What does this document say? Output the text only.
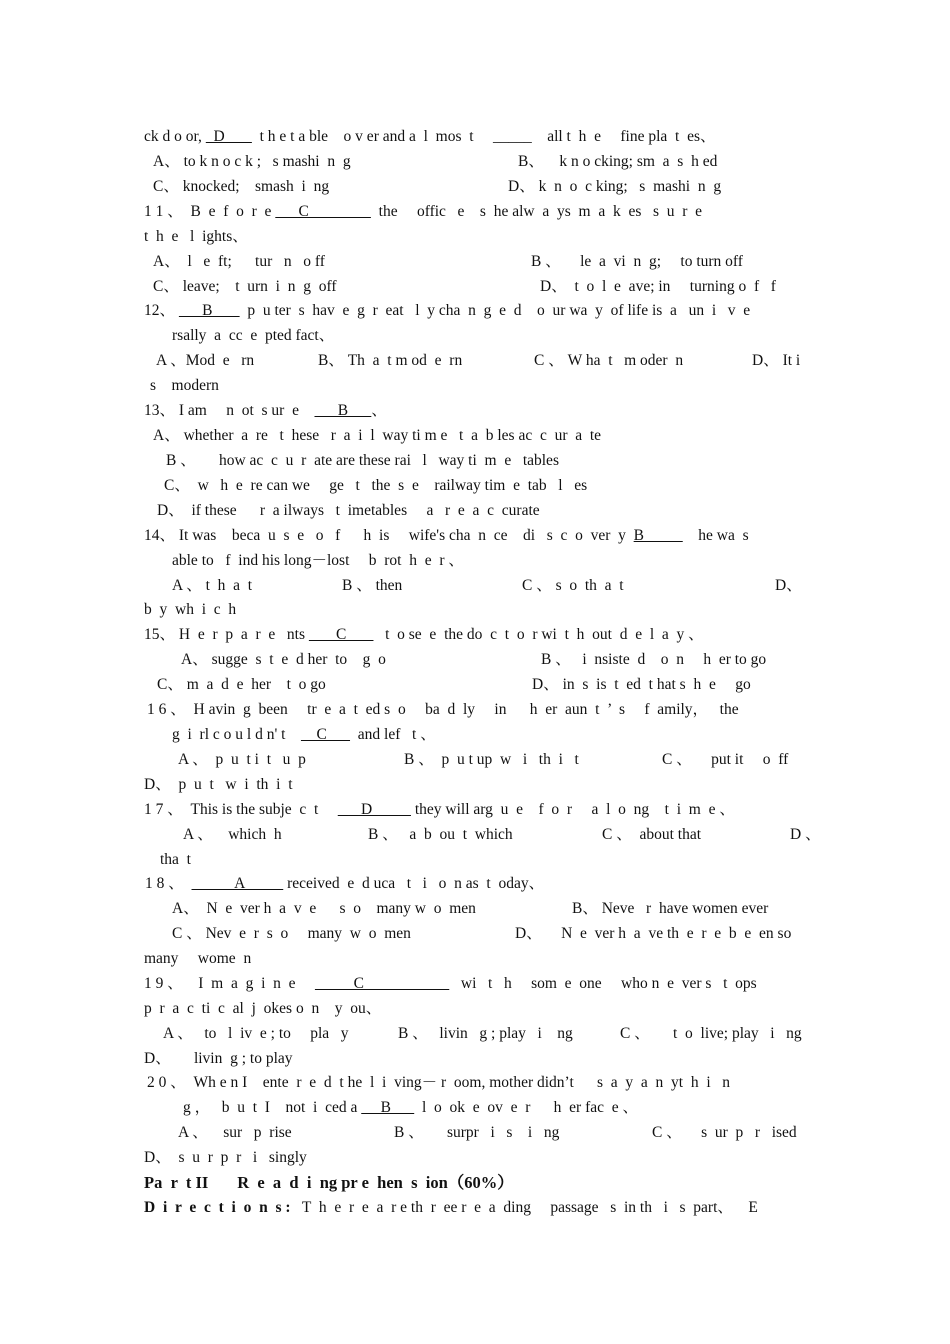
ck d o or,   D         t h e t a ble    o v er and a  l  mos  t     _____    all t  h  e     fine pla  t  es、
A、 to k n o c k ;   s mashi  n  g	B、    k n o cking; sm  a  s  h ed
C、 knocked;    smash  i  ng	D、 k  n  o  c king;   s  mashi  n  g
1 1 、  B  e  f  o  r  e       C                  the     offic   e    s  he alw  a  ys  m  a  k  es   s  u  r  e
t  h  e   l  ights、
A、  l   e  ft;      tur   n   o ff	B 、     le  a  vi  n  g;     to turn off
C、 leave;    t  urn  i  n  g  off	D、  t  o  l  e  ave; in     turning o  f   f
12、       B         p  u ter  s  hav  e  g  r  eat   l  y cha  n  g  e  d    o  ur wa  y  of life is  a   un  i   v  e
rsally  a  cc  e  pted fact、
A 、Mod  e   rn	B、 Th  a  t m od  e  rn	C 、 W ha  t   m oder  n	D、 It i
s    modern
13、 I am     n  ot  s ur  e          B      、
A、 whether  a  re   t  hese   r  a  i  l  way ti m e   t  a  b les ac  c  ur  a  te
B 、      how ac  c  u  r  ate are these rai   l   way ti  m  e   tables
C、  w   h  e  re can we     ge   t   the  s  e    railway tim  e  tab   l   es
D、  if these      r  a ilways   t  imetables     a   r  e  a  c  curate
14、 It was    beca  u  s  e   o   f      h  is     wife's cha  n  ce    di   s  c  o  ver  y  B              he wa  s
able to   f  ind his long－lost     b  rot  h  e  r 、
A 、 t  h  a  t	B 、 then	C 、 s  o  th  a  t	D、
b  y  wh  i  c  h
15、 H  e  r  p  a  r  e   nts        C          t  o se  e  the do  c  t  o  r wi  t  h  out  d  e  l  a  y 、
A、 sugge  s  t  e  d her  to    g  o	B 、   i  nsiste  d    o  n     h  er to go
C、 m  a  d  e  her    t  o go	D、 in  s  is  t  ed  t hat s  h  e     go
1 6 、  H avin  g  been     tr  e  a  t  ed s  o     ba  d  ly     in      h  er  aun  t  ’  s     f  amily，   the
g  i  rl c o u l d n' t        C        and lef   t 、
A 、  p  u  t i  t   u  p	B 、  p  u t up  w   i   th  i   t	C 、     put it     o  ff
D、  p  u  t   w  i  th  i  t
1 7 、  This is the subje  c  t           D           they will arg  u  e    f  o  r     a  l  o  ng    t  i  m  e 、
A 、    which  h	B 、   a  b  ou  t  which	C 、  about that	D 、
tha  t
1 8 、             A           received  e  d uca   t   i   o  n as  t  oday、
A、  N  e  ver h  a  v  e      s  o    many w  o  men	B、 Neve   r  have women ever
C 、 Nev  e  r  s  o     many  w  o  men	D、     N  e  ver h  a  ve th  e  r  e  b  e  en so
many     wome  n
1 9 、    I  m  a  g  i  n  e               C                         wi   t   h     som  e  one     who n  e  ver s   t  ops
p  r  a  c  ti  c  al  j  okes o  n    y  ou、
A 、   to   l  iv  e ; to     pla   y	B 、   livin   g ; play   i    ng	C 、      t  o  live; play   i   ng
D、      livin  g ; to play
2 0 、  Wh e n I    ente  r  e  d  t he  l  i  ving－ r  oom, mother didn’t      s  a  y  a  n  yt  h  i   n
g ，   b  u  t  I    not  i  ced a      B        l  o  ok  e  ov  e  r      h  er fac  e 、
A 、    sur   p  rise	B 、      surpr   i   s    i   ng	C 、     s  ur  p   r   ised
D、  s  u  r  p  r   i   singly
Pa  r  t II       R  e  a  d  i  ng pr e  hen  s  ion（60%）
D  i  r  e  c  t  i  o  n  s :   T  h  e  r  e  a  r e th  r  ee r  e  a  ding     passage   s  in th   i   s  part、    E
